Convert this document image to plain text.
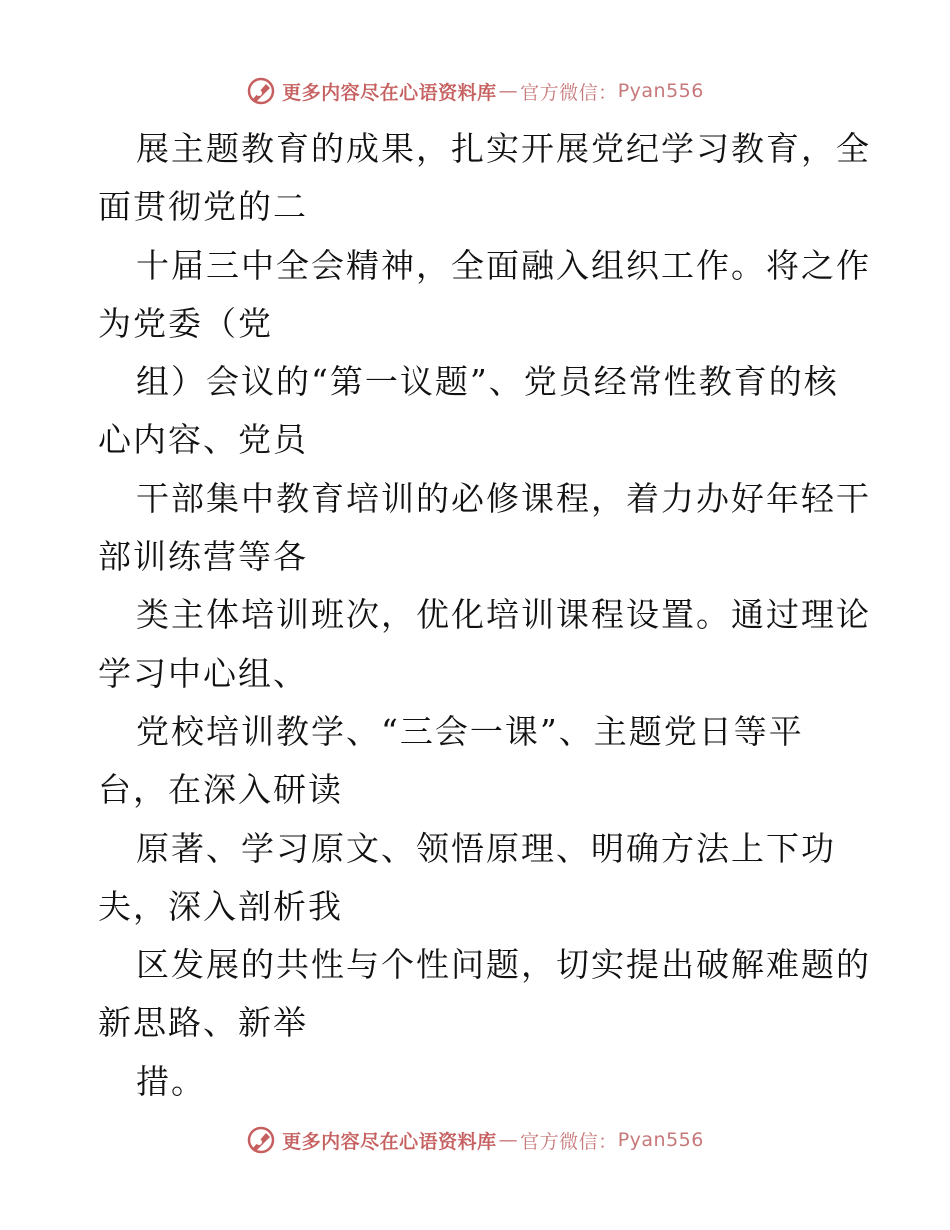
更多内容尽在心语资料库 — 官方微信： Pyan556
展主题教育的成果，扎实开展党纪学习教育，全
面贯彻党的二
十届三中全会精神，全面融入组织工作。将之作
为党委（党
组）会议的“第一议题”、党员经常性教育的核
心内容、党员
干部集中教育培训的必修课程，着力办好年轻干
部训练营等各
类主体培训班次，优化培训课程设置。通过理论
学习中心组、
党校培训教学、“三会一课”、主题党日等平
台，在深入研读
原著、学习原文、领悟原理、明确方法上下功
夫，深入剖析我
区发展的共性与个性问题，切实提出破解难题的
新思路、新举
措。
更多内容尽在心语资料库 — 官方微信： Pyan556
